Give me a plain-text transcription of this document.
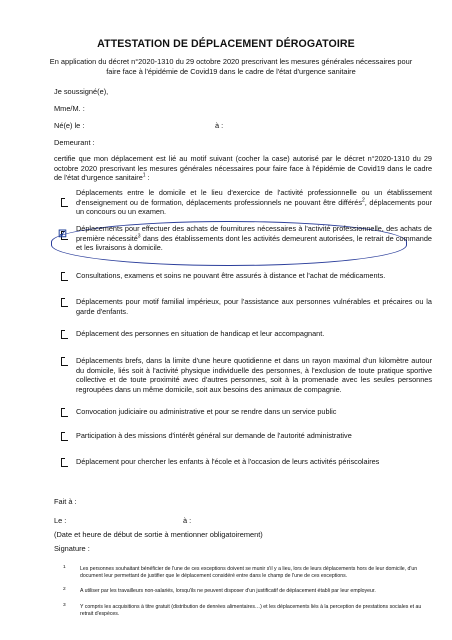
ATTESTATION DE DÉPLACEMENT DÉROGATOIRE
En application du décret n°2020-1310 du 29 octobre 2020 prescrivant les mesures générales nécessaires pour faire face à l'épidémie de Covid19 dans le cadre de l'état d'urgence sanitaire
Je soussigné(e),
Mme/M. :
Né(e) le :	à :
Demeurant :
certifie que mon déplacement est lié au motif suivant (cocher la case) autorisé par le décret n°2020-1310 du 29 octobre 2020 prescrivant les mesures générales nécessaires pour faire face à l'épidémie de Covid19 dans le cadre de l'état d'urgence sanitaire$^1$ :
Déplacements entre le domicile et le lieu d'exercice de l'activité professionnelle ou un établissement d'enseignement ou de formation, déplacements professionnels ne pouvant être différés$^2$, déplacements pour un concours ou un examen.
☑
Déplacements pour effectuer des achats de fournitures nécessaires à l'activité professionnelle, des achats de première nécessité$^3$ dans des établissements dont les activités demeurent autorisées, le retrait de commande et les livraisons à domicile.
Consultations, examens et soins ne pouvant être assurés à distance et l'achat de médicaments.
Déplacements pour motif familial impérieux, pour l'assistance aux personnes vulnérables et précaires ou la garde d'enfants.
Déplacement des personnes en situation de handicap et leur accompagnant.
Déplacements brefs, dans la limite d'une heure quotidienne et dans un rayon maximal d'un kilomètre autour du domicile, liés soit à l'activité physique individuelle des personnes, à l'exclusion de toute pratique sportive collective et de toute proximité avec d'autres personnes, soit à la promenade avec les seules personnes regroupées dans un même domicile, soit aux besoins des animaux de compagnie.
Convocation judiciaire ou administrative et pour se rendre dans un service public
Participation à des missions d'intérêt général sur demande de l'autorité administrative
Déplacement pour chercher les enfants à l'école et à l'occasion de leurs activités périscolaires
Fait à :
Le :	à :
(Date et heure de début de sortie à mentionner obligatoirement)
Signature :
1	Les personnes souhaitant bénéficier de l'une de ces exceptions doivent se munir s'il y a lieu, lors de leurs déplacements hors de leur domicile, d'un document leur permettant de justifier que le déplacement considéré entre dans le champ de l'une de ces exceptions.
2	A utiliser par les travailleurs non-salariés, lorsqu'ils ne peuvent disposer d'un justificatif de déplacement établi par leur employeur.
3	Y compris les acquisitions à titre gratuit (distribution de denrées alimentaires…) et les déplacements liés à la perception de prestations sociales et au retrait d'espèces.
